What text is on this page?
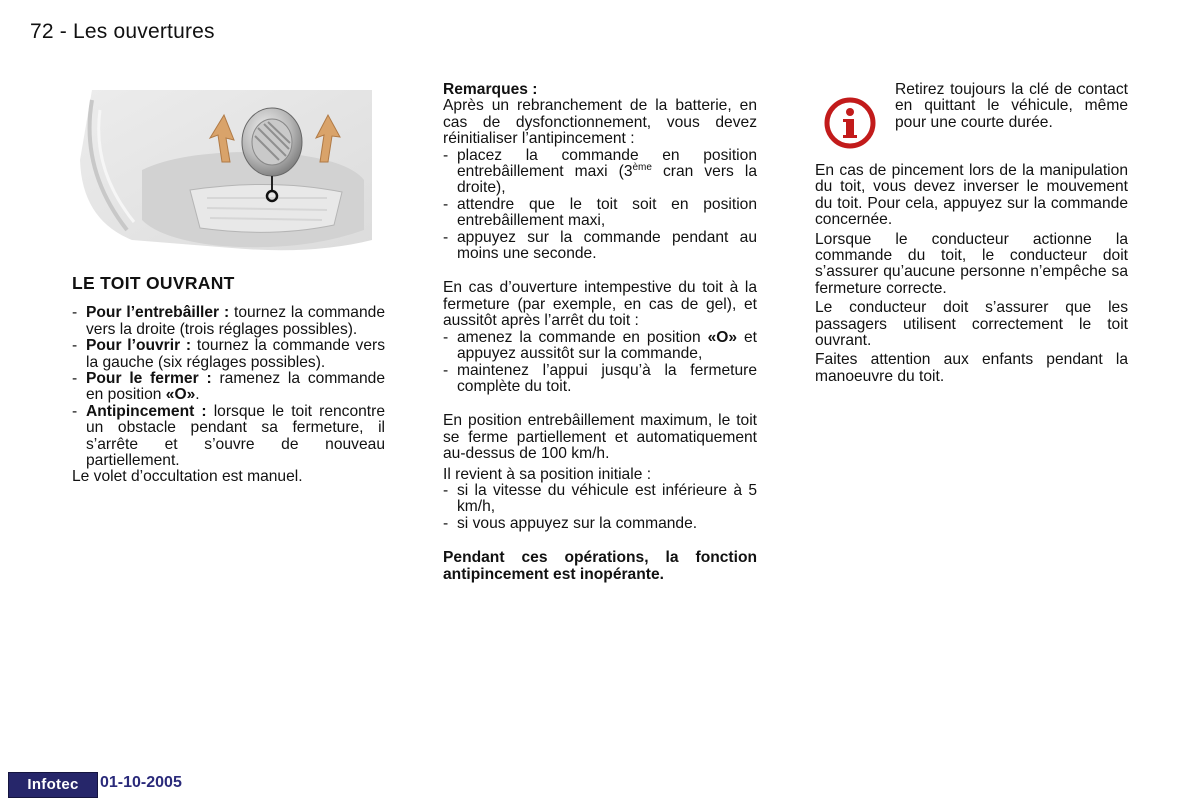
72 - Les ouvertures
LE TOIT OUVRANT
- Pour l’entrebâiller : tournez la commande vers la droite (trois réglages possibles).
- Pour l’ouvrir : tournez la commande vers la gauche (six réglages possibles).
- Pour le fermer : ramenez la commande en position «O».
- Antipincement : lorsque le toit rencontre un obstacle pendant sa fermeture, il s’arrête et s’ouvre de nouveau partiellement.

Le volet d’occultation est manuel.

Remarques :

Après un rebranchement de la batterie, en cas de dysfonctionnement, vous devez réinitialiser l’antipincement :

- placez la commande en position entrebâillement maxi (3ème cran vers la droite),
- attendre que le toit soit en position entrebâillement maxi,
- appuyez sur la commande pendant au moins une seconde.

En cas d’ouverture intempestive du toit à la fermeture (par exemple, en cas de gel), et aussitôt après l’arrêt du toit :

- amenez la commande en position «O» et appuyez aussitôt sur la commande,
- maintenez l’appui jusqu’à la fermeture complète du toit.

En position entrebâillement maximum, le toit se ferme partiellement et automatiquement au-dessus de 100 km/h.

Il revient à sa position initiale :

- si la vitesse du véhicule est inférieure à 5 km/h,
- si vous appuyez sur la commande.

Pendant ces opérations, la fonction antipincement est inopérante.

Retirez toujours la clé de contact en quittant le véhicule, même pour une courte durée.

En cas de pincement lors de la manipulation du toit, vous devez inverser le mouvement du toit. Pour cela, appuyez sur la commande concernée.

Lorsque le conducteur actionne la commande du toit, le conducteur doit s’assurer qu’aucune personne n’empêche sa fermeture correcte.

Le conducteur doit s’assurer que les passagers utilisent correctement le toit ouvrant.

Faites attention aux enfants pendant la manoeuvre du toit.

Infotec	01-10-2005
